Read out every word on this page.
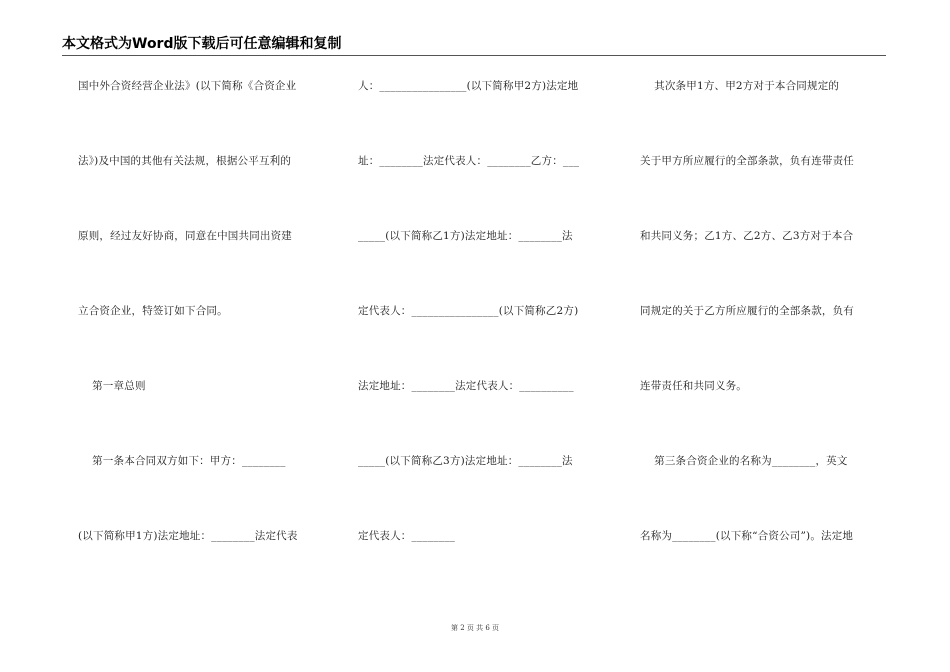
本文格式为Word版下载后可任意编辑和复制
国中外合资经营企业法》(以下简称《合资企业
法》)及中国的其他有关法规，根据公平互利的
原则，经过友好协商，同意在中国共同出资建
立合资企业，特签订如下合同。
第一章总则
第一条本合同双方如下：甲方：________
(以下简称甲1方)法定地址：________法定代表
人：________________(以下简称甲2方)法定地
址：________法定代表人：________乙方：___
_____(以下简称乙1方)法定地址：________法
定代表人：________________(以下简称乙2方)
法定地址：________法定代表人：__________
_____(以下简称乙3方)法定地址：________法
定代表人：________
其次条甲1方、甲2方对于本合同规定的
关于甲方所应履行的全部条款，负有连带责任
和共同义务；乙1方、乙2方、乙3方对于本合
同规定的关于乙方所应履行的全部条款，负有
连带责任和共同义务。
第三条合资企业的名称为________，英文
名称为________(以下称“合资公司”)。法定地
第 2 页 共 6 页
